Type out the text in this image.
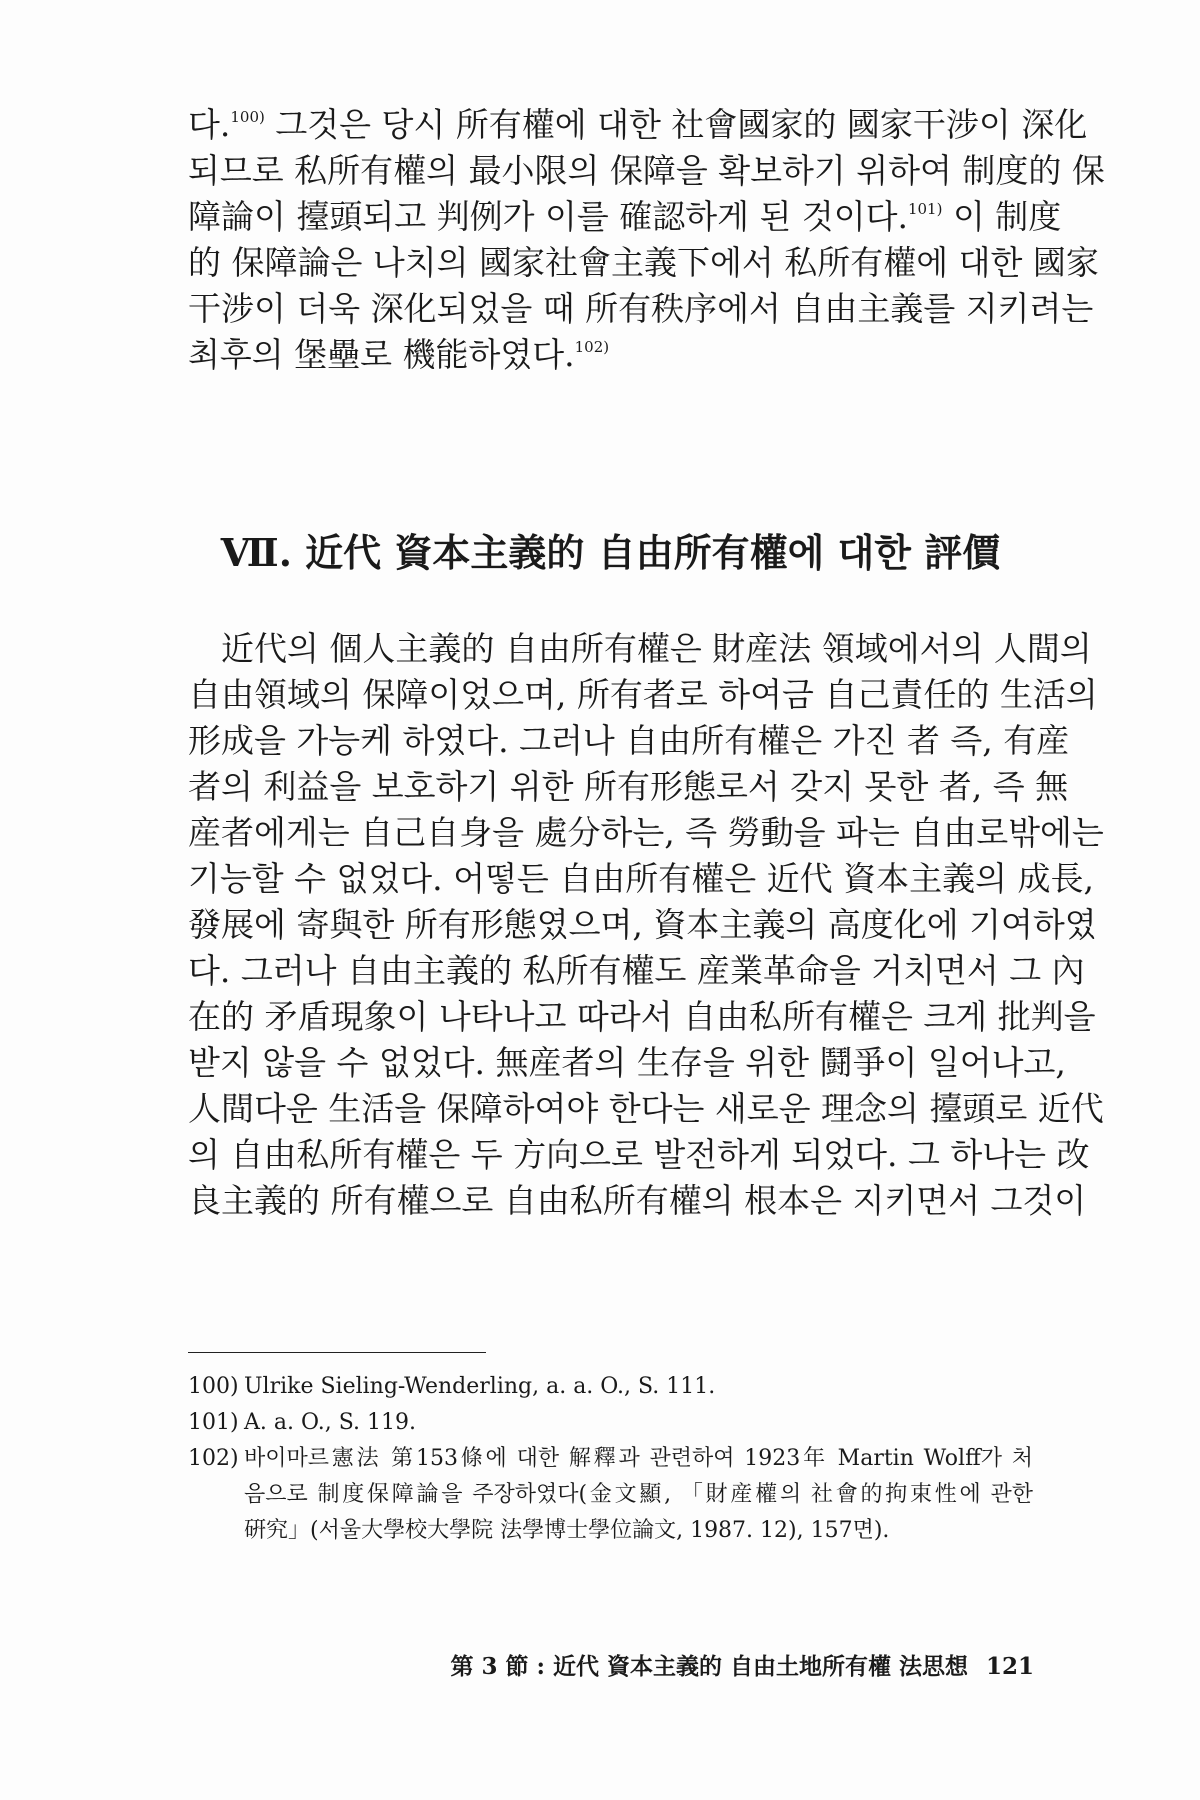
다.$^{100)}$ 그것은 당시 所有權에 대한 社會國家的 國家干涉이 深化
되므로 私所有權의 最小限의 保障을 확보하기 위하여 制度的 保
障論이 擡頭되고 判例가 이를 確認하게 된 것이다.$^{101)}$ 이 制度
的 保障論은 나치의 國家社會主義下에서 私所有權에 대한 國家
干涉이 더욱 深化되었을 때 所有秩序에서 自由主義를 지키려는
최후의 堡壘로 機能하였다.$^{102)}$
Ⅶ. 近代 資本主義的 自由所有權에 대한 評價
　近代의 個人主義的 自由所有權은 財産法 領域에서의 人間의
自由領域의 保障이었으며, 所有者로 하여금 自己責任的 生活의
形成을 가능케 하였다. 그러나 自由所有權은 가진 者 즉, 有産
者의 利益을 보호하기 위한 所有形態로서 갖지 못한 者, 즉 無
産者에게는 自己自身을 處分하는, 즉 勞動을 파는 自由로밖에는
기능할 수 없었다. 어떻든 自由所有權은 近代 資本主義의 成長,
發展에 寄與한 所有形態였으며, 資本主義의 高度化에 기여하였
다. 그러나 自由主義的 私所有權도 産業革命을 거치면서 그 內
在的 矛盾現象이 나타나고 따라서 自由私所有權은 크게 批判을
받지 않을 수 없었다. 無産者의 生存을 위한 鬪爭이 일어나고,
人間다운 生活을 保障하여야 한다는 새로운 理念의 擡頭로 近代
의 自由私所有權은 두 方向으로 발전하게 되었다. 그 하나는 改
良主義的 所有權으로 自由私所有權의 根本은 지키면서 그것이
100) Ulrike Sieling-Wenderling, a. a. O., S. 111.
101) A. a. O., S. 119.
102) 바이마르憲法 第153條에 대한 解釋과 관련하여 1923年 Martin Wolff가 처
음으로 制度保障論을 주장하였다(金文顯, 「財産權의 社會的拘束性에 관한
硏究」(서울大學校大學院 法學博士學位論文, 1987. 12), 157면).
第 3 節 : 近代 資本主義的 自由土地所有權 法思想 121
